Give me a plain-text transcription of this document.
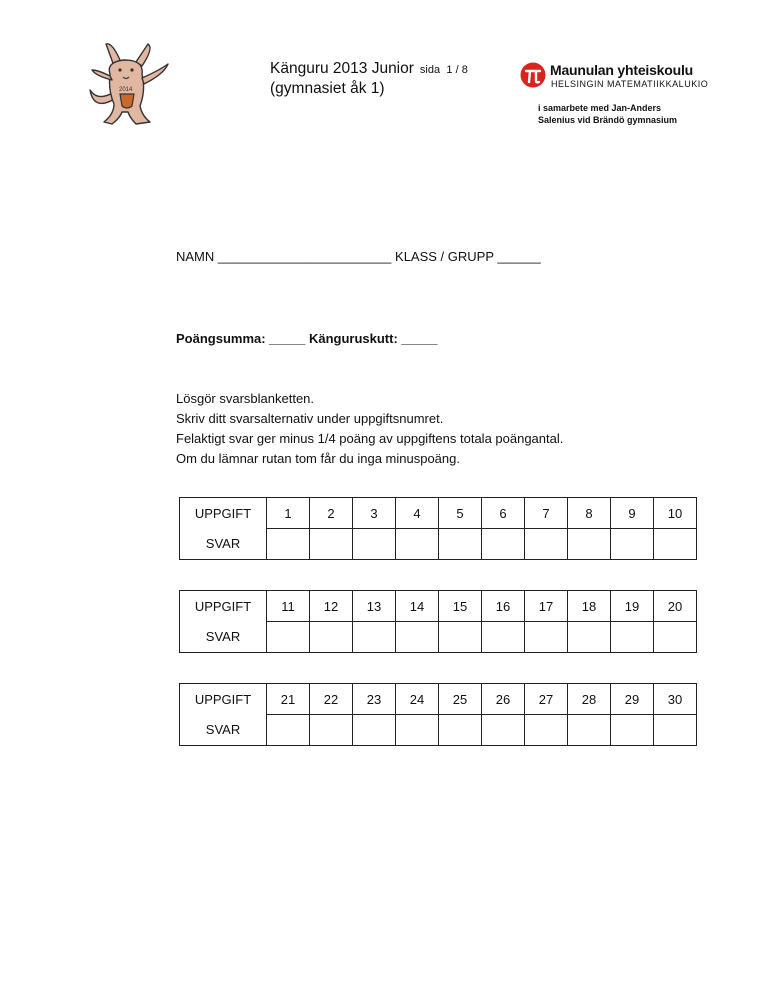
2014
Känguru 2013 Junior sida 1 / 8
(gymnasiet åk 1)
Maunulan yhteiskoulu
HELSINGIN MATEMATIIKKALUKIO
i samarbete med Jan-Anders
Salenius vid Brändö gymnasium
NAMN ________________________ KLASS / GRUPP ______
Poängsumma: _____ Känguruskutt: _____
Lösgör svarsblanketten.
Skriv ditt svarsalternativ under uppgiftsnumret.
Felaktigt svar ger minus 1/4 poäng av uppgiftens totala poängantal.
Om du lämnar rutan tom får du inga minuspoäng.
UPPGIFT	1	2	3	4	5	6	7	8	9	10
SVAR										
UPPGIFT	11	12	13	14	15	16	17	18	19	20
SVAR										
UPPGIFT	21	22	23	24	25	26	27	28	29	30
SVAR										
